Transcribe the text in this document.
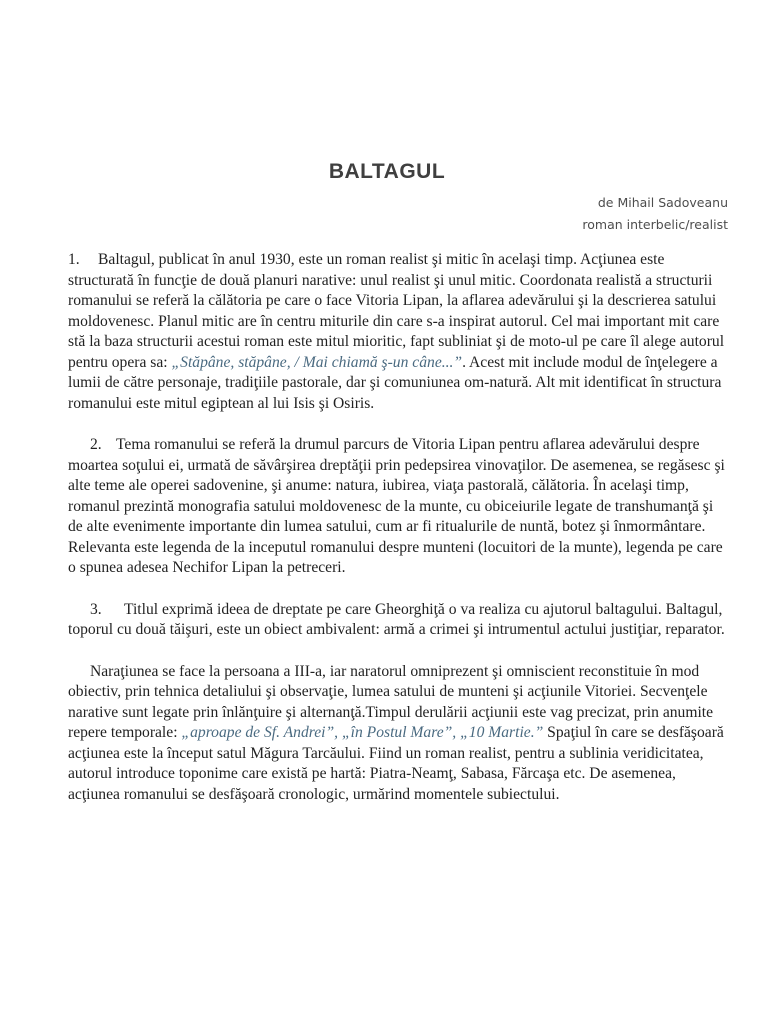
BALTAGUL
de Mihail Sadoveanu
roman interbelic/realist

1. Baltagul, publicat în anul 1930, este un roman realist şi mitic în acelaşi timp. Acţiunea este structurată în funcţie de două planuri narative: unul realist şi unul mitic. Coordonata realistă a structurii romanului se referă la călătoria pe care o face Vitoria Lipan, la aflarea adevărului şi la descrierea satului moldovenesc. Planul mitic are în centru miturile din care s-a inspirat autorul. Cel mai important mit care stă la baza structurii acestui roman este mitul mioritic, fapt subliniat şi de moto-ul pe care îl alege autorul pentru opera sa: „Stăpâne, stăpâne, / Mai chiamă ş-un câne...”. Acest mit include modul de înţelegere a lumii de către personaje, tradiţiile pastorale, dar şi comuniunea om-natură. Alt mit identificat în structura romanului este mitul egiptean al lui Isis şi Osiris.

2. Tema romanului se referă la drumul parcurs de Vitoria Lipan pentru aflarea adevărului despre moartea soţului ei, urmată de săvârşirea dreptăţii prin pedepsirea vinovaţilor. De asemenea, se regăsesc şi alte teme ale operei sadovenine, şi anume: natura, iubirea, viaţa pastorală, călătoria. În acelaşi timp, romanul prezintă monografia satului moldovenesc de la munte, cu obiceiurile legate de transhumanţă şi de alte evenimente importante din lumea satului, cum ar fi ritualurile de nuntă, botez şi înmormântare. Relevanta este legenda de la inceputul romanului despre munteni (locuitori de la munte), legenda pe care o spunea adesea Nechifor Lipan la petreceri.

3. Titlul exprimă ideea de dreptate pe care Gheorghiţă o va realiza cu ajutorul baltagului. Baltagul, toporul cu două tăişuri, este un obiect ambivalent: armă a crimei şi intrumentul actului justiţiar, reparator.

Naraţiunea se face la persoana a III-a, iar naratorul omniprezent şi omniscient reconstituie în mod obiectiv, prin tehnica detaliului şi observaţie, lumea satului de munteni şi acţiunile Vitoriei. Secvenţele narative sunt legate prin înlănţuire şi alternanţă.Timpul derulării acţiunii este vag precizat, prin anumite repere temporale: „aproape de Sf. Andrei”, „în Postul Mare”, „10 Martie.” Spaţiul în care se desfăşoară acţiunea este la început satul Măgura Tarcăului. Fiind un roman realist, pentru a sublinia veridicitatea, autorul introduce toponime care există pe hartă: Piatra-Neamţ, Sabasa, Fărcaşa etc. De asemenea, acţiunea romanului se desfăşoară cronologic, urmărind momentele subiectului.
